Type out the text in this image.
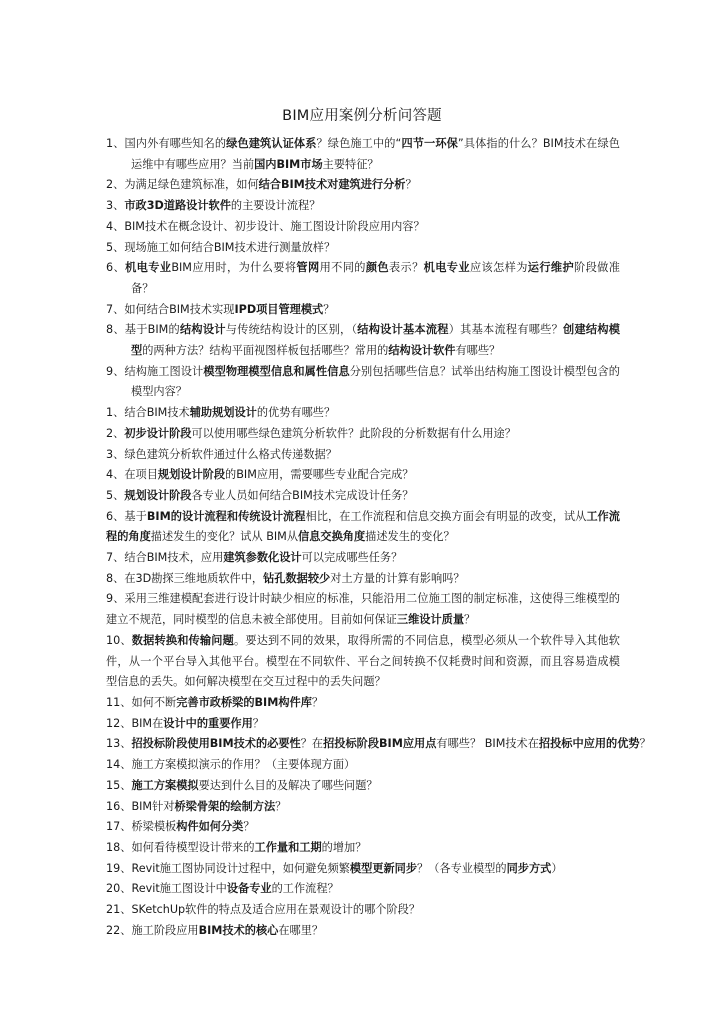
BIM应用案例分析问答题
1、国内外有哪些知名的绿色建筑认证体系？绿色施工中的“四节一环保”具体指的什么？BIM技术在绿色运维中有哪些应用？当前国内BIM市场主要特征？
2、为满足绿色建筑标准，如何结合BIM技术对建筑进行分析？
3、市政3D道路设计软件的主要设计流程？
4、BIM技术在概念设计、初步设计、施工图设计阶段应用内容？
5、现场施工如何结合BIM技术进行测量放样？
6、机电专业BIM应用时，为什么要将管网用不同的颜色表示？机电专业应该怎样为运行维护阶段做准备？
7、如何结合BIM技术实现IPD项目管理模式？
8、基于BIM的结构设计与传统结构设计的区别，（结构设计基本流程）其基本流程有哪些？创建结构模型的两种方法？结构平面视图样板包括哪些？常用的结构设计软件有哪些？
9、结构施工图设计模型物理模型信息和属性信息分别包括哪些信息？试举出结构施工图设计模型包含的模型内容？
1、结合BIM技术辅助规划设计的优势有哪些？
2、初步设计阶段可以使用哪些绿色建筑分析软件？此阶段的分析数据有什么用途？
3、绿色建筑分析软件通过什么格式传递数据？
4、在项目规划设计阶段的BIM应用，需要哪些专业配合完成？
5、规划设计阶段各专业人员如何结合BIM技术完成设计任务？
6、基于BIM的设计流程和传统设计流程相比，在工作流程和信息交换方面会有明显的改变，试从工作流程的角度描述发生的变化？试从 BIM从信息交换角度描述发生的变化？
7、结合BIM技术，应用建筑参数化设计可以完成哪些任务？
8、在3D勘探三维地质软件中，钻孔数据较少对土方量的计算有影响吗？
9、采用三维建模配套进行设计时缺少相应的标准，只能沿用二位施工图的制定标准，这使得三维模型的建立不规范，同时模型的信息未被全部使用。目前如何保证三维设计质量？
10、数据转换和传输问题。要达到不同的效果，取得所需的不同信息，模型必须从一个软件导入其他软件，从一个平台导入其他平台。模型在不同软件、平台之间转换不仅耗费时间和资源，而且容易造成模型信息的丢失。如何解决模型在交互过程中的丢失问题？
11、如何不断完善市政桥梁的BIM构件库？
12、BIM在设计中的重要作用？
13、招投标阶段使用BIM技术的必要性？在招投标阶段BIM应用点有哪些？ BIM技术在招投标中应用的优势？
14、施工方案模拟演示的作用？（主要体现方面）
15、施工方案模拟要达到什么目的及解决了哪些问题？
16、BIM针对桥梁骨架的绘制方法？
17、桥梁模板构件如何分类？
18、如何看待模型设计带来的工作量和工期的增加？
19、Revit施工图协同设计过程中，如何避免频繁模型更新同步？（各专业模型的同步方式）
20、Revit施工图设计中设备专业的工作流程？
21、SKetchUp软件的特点及适合应用在景观设计的哪个阶段？
22、施工阶段应用BIM技术的核心在哪里？
